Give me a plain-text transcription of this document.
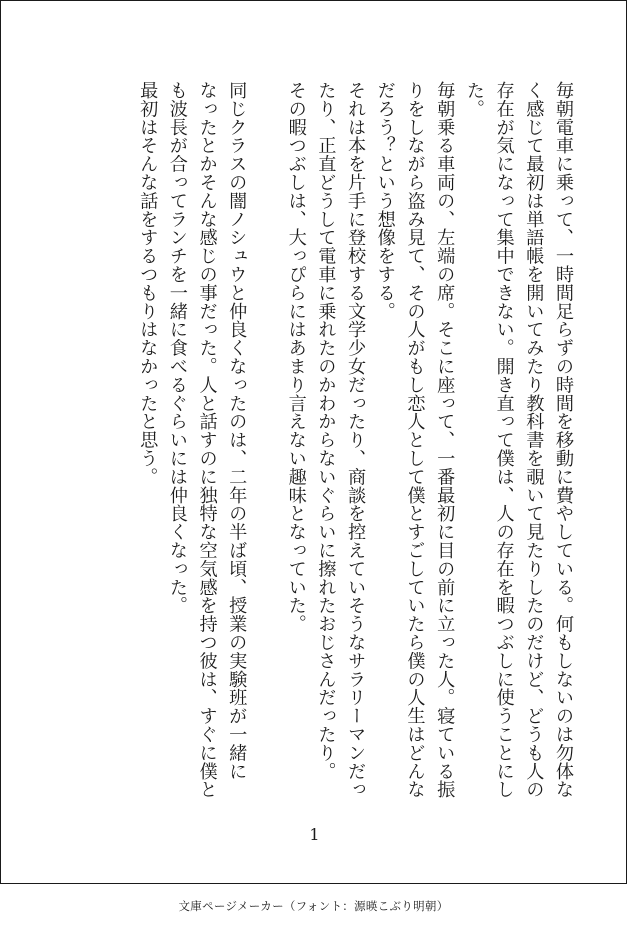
毎朝電車に乗って、一時間足らずの時間を移動に費やしている。何もしないのは勿体な
く感じて最初は単語帳を開いてみたり教科書を覗いて見たりしたのだけど、どうも人の
存在が気になって集中できない。開き直って僕は、人の存在を暇つぶしに使うことにし
た。
毎朝乗る車両の、左端の席。そこに座って、一番最初に目の前に立った人。寝ている振
りをしながら盗み見て、その人がもし恋人として僕とすごしていたら僕の人生はどんな
だろう？という想像をする。
それは本を片手に登校する文学少女だったり、商談を控えていそうなサラリーマンだっ
たり、正直どうして電車に乗れたのかわからないぐらいに擦れたおじさんだったり。
その暇つぶしは、大っぴらにはあまり言えない趣味となっていた。
同じクラスの闇ノシュウと仲良くなったのは、二年の半ば頃、授業の実験班が一緒に
なったとかそんな感じの事だった。人と話すのに独特な空気感を持つ彼は、すぐに僕と
も波長が合ってランチを一緒に食べるぐらいには仲良くなった。
最初はそんな話をするつもりはなかったと思う。
1
文庫ページメーカー（フォント：源暎こぶり明朝）
